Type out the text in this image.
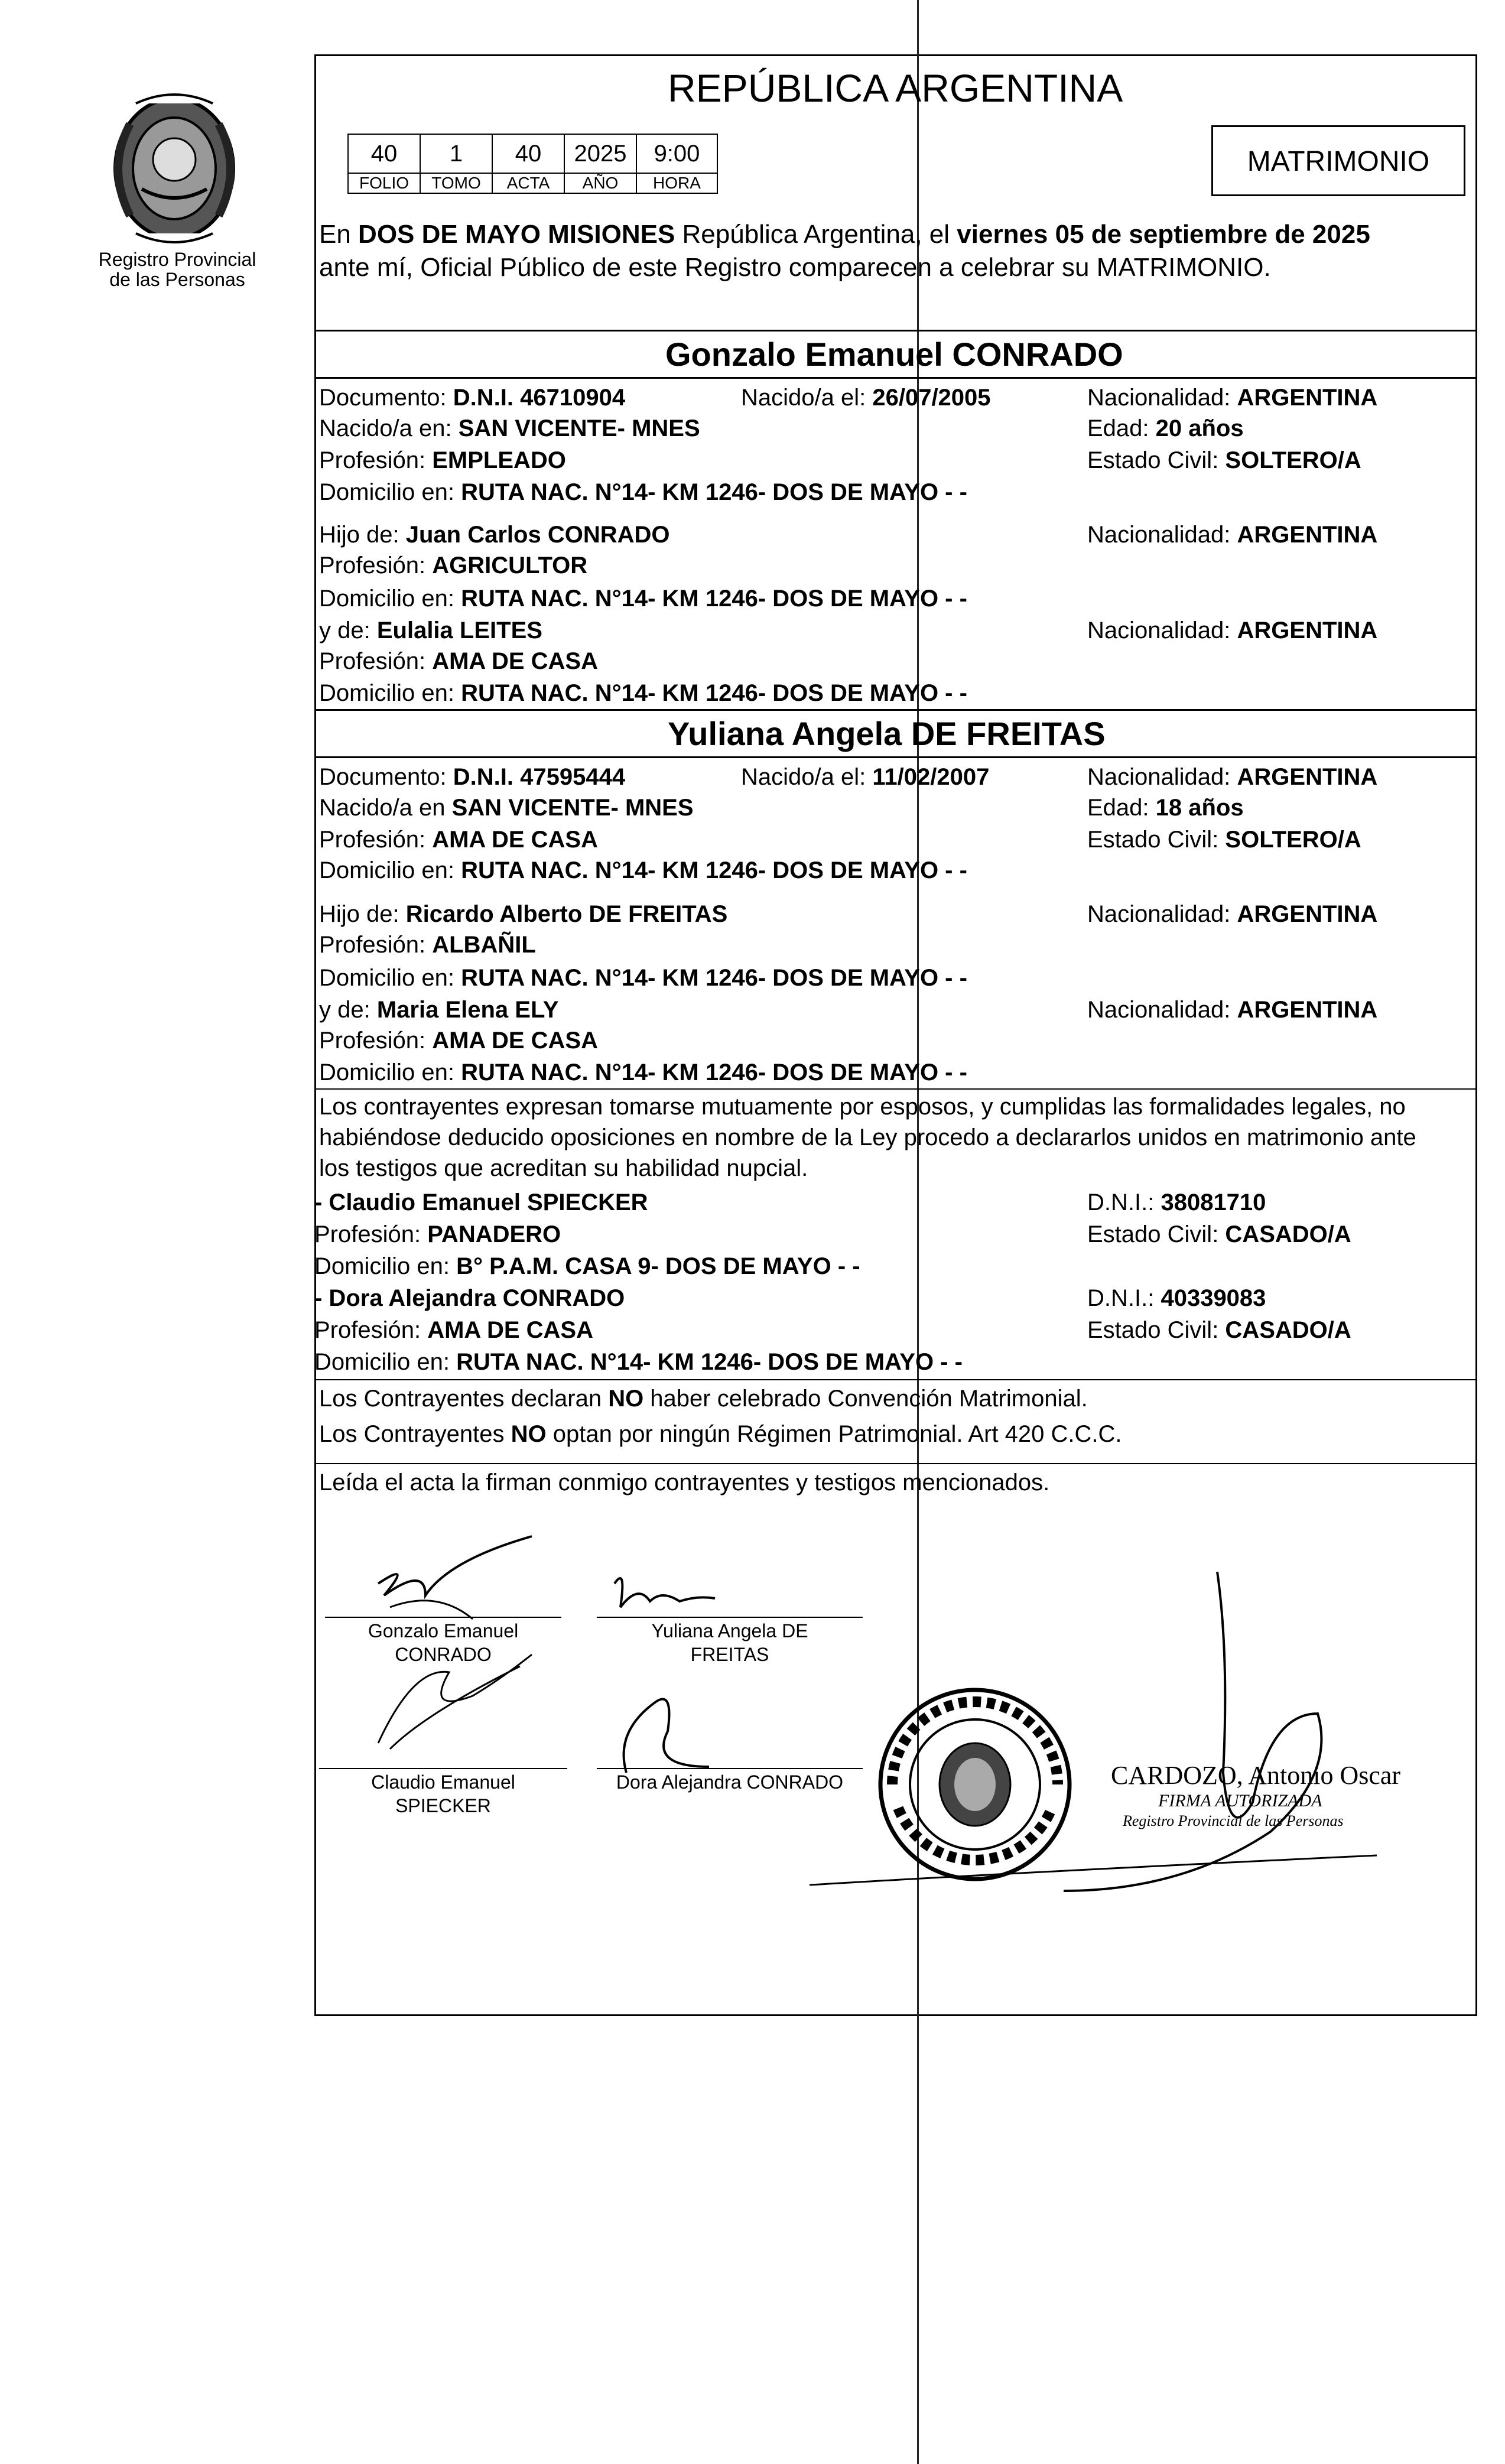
Registro Provincial
de las Personas
REPÚBLICA ARGENTINA
40	1	40	2025	9:00
FOLIO	TOMO	ACTA	AÑO	HORA
MATRIMONIO
En DOS DE MAYO MISIONES República Argentina, el viernes 05 de septiembre de 2025
ante mí, Oficial Público de este Registro comparecen a celebrar su MATRIMONIO.
Gonzalo Emanuel CONRADO
Documento: D.N.I. 46710904	Nacido/a el: 26/07/2005	Nacionalidad: ARGENTINA
Nacido/a en: SAN VICENTE- MNES	Edad: 20 años
Profesión: EMPLEADO	Estado Civil: SOLTERO/A
Domicilio en: RUTA NAC. N°14- KM 1246- DOS DE MAYO - -
Hijo de: Juan Carlos CONRADO	Nacionalidad: ARGENTINA
Profesión: AGRICULTOR
Domicilio en: RUTA NAC. N°14- KM 1246- DOS DE MAYO - -
y de: Eulalia LEITES	Nacionalidad: ARGENTINA
Profesión: AMA DE CASA
Domicilio en: RUTA NAC. N°14- KM 1246- DOS DE MAYO - -
Yuliana Angela DE FREITAS
Documento: D.N.I. 47595444	Nacido/a el: 11/02/2007	Nacionalidad: ARGENTINA
Nacido/a en SAN VICENTE- MNES	Edad: 18 años
Profesión: AMA DE CASA	Estado Civil: SOLTERO/A
Domicilio en: RUTA NAC. N°14- KM 1246- DOS DE MAYO - -
Hijo de: Ricardo Alberto DE FREITAS	Nacionalidad: ARGENTINA
Profesión: ALBAÑIL
Domicilio en: RUTA NAC. N°14- KM 1246- DOS DE MAYO - -
y de: Maria Elena ELY	Nacionalidad: ARGENTINA
Profesión: AMA DE CASA
Domicilio en: RUTA NAC. N°14- KM 1246- DOS DE MAYO - -
Los contrayentes expresan tomarse mutuamente por esposos, y cumplidas las formalidades legales, no
habiéndose deducido oposiciones en nombre de la Ley procedo a declararlos unidos en matrimonio ante
los testigos que acreditan su habilidad nupcial.
- Claudio Emanuel SPIECKER	D.N.I.: 38081710
Profesión: PANADERO	Estado Civil: CASADO/A
Domicilio en: B° P.A.M. CASA 9- DOS DE MAYO - -
- Dora Alejandra CONRADO	D.N.I.: 40339083
Profesión: AMA DE CASA	Estado Civil: CASADO/A
Domicilio en: RUTA NAC. N°14- KM 1246- DOS DE MAYO - -
Los Contrayentes declaran NO haber celebrado Convención Matrimonial.
Los Contrayentes NO optan por ningún Régimen Patrimonial. Art 420 C.C.C.
Leída el acta la firman conmigo contrayentes y testigos mencionados.
Gonzalo Emanuel
CONRADO
Yuliana Angela DE
FREITAS
Claudio Emanuel
SPIECKER
Dora Alejandra CONRADO	CARDOZO, Antonio Oscar
FIRMA AUTORIZADA
Registro Provincial de las Personas
